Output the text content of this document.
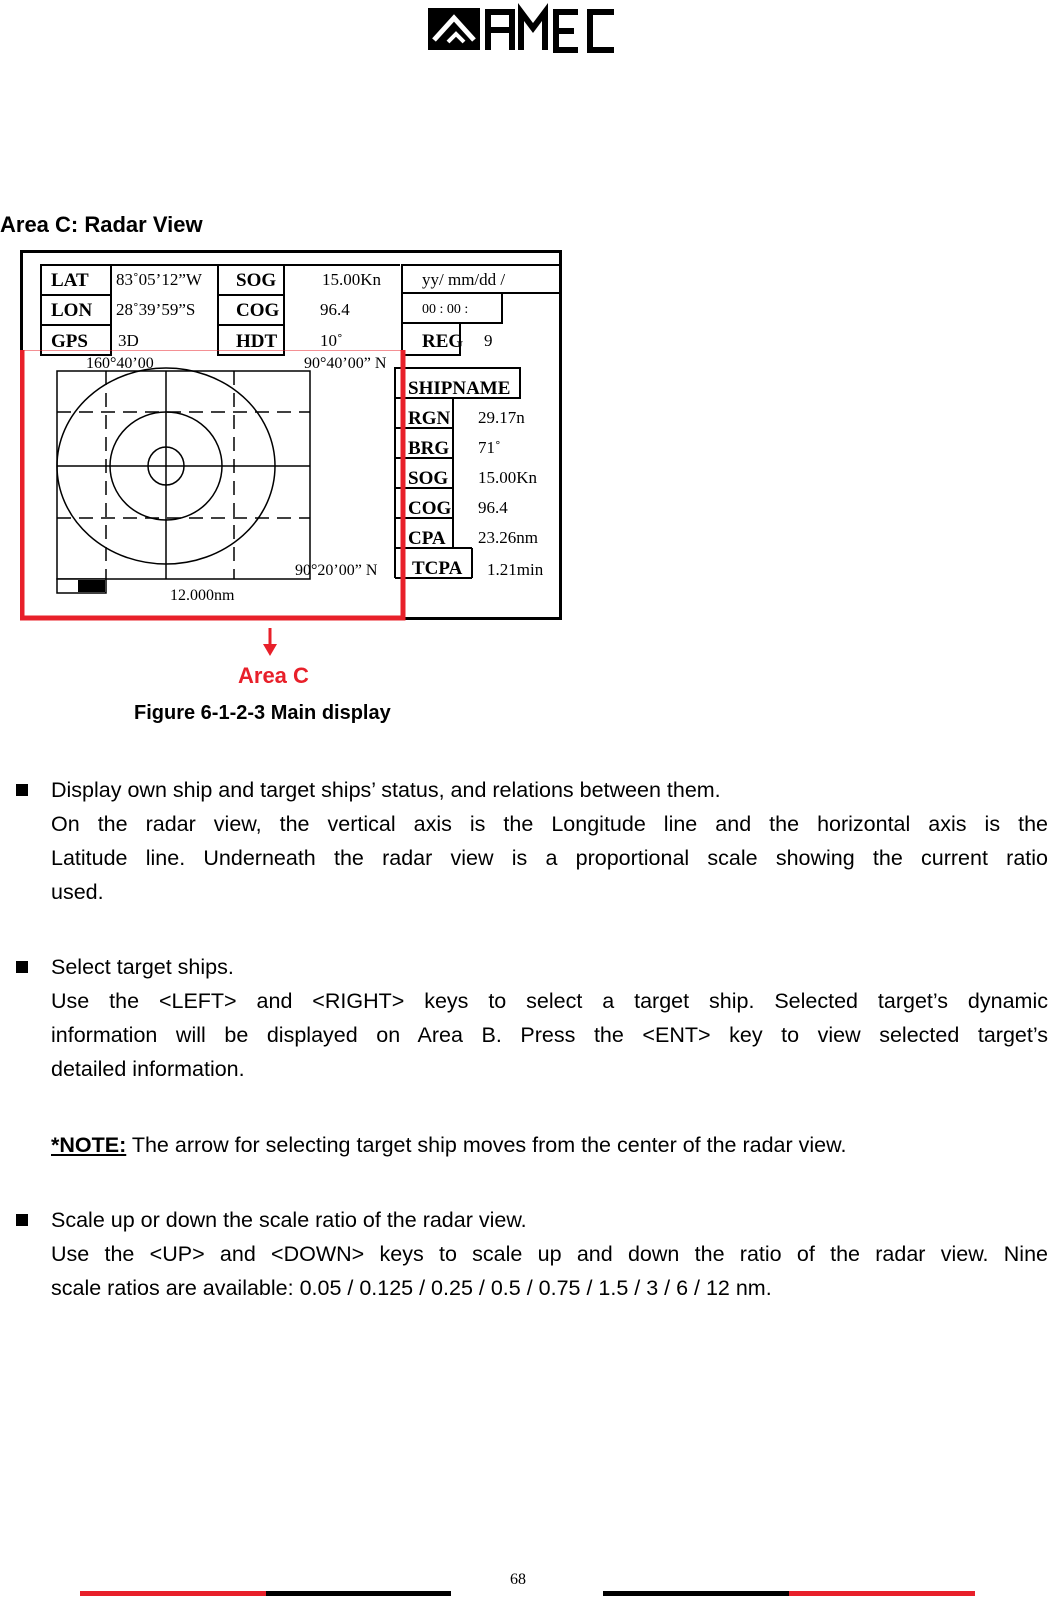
Area C: Radar View
LAT 83˚05’12”W SOG	15.00Kn yy/ mm/dd /
LON 28˚39’59”S COG 96.4	00 : 00 :
GPS 3D	HDT	10˚	REG 9
160°40’00	90°40’00” N
90°20’00” N
12.000nm
SHIPNAME
RGN 29.17n
BRG 71˚
SOG 15.00Kn
COG 96.4
CPA 23.26nm
TCPA 1.21min
Area C
Figure 6-1-2-3 Main display
Display own ship and target ships’ status, and relations between them.
On the radar view, the vertical axis is the Longitude line and the horizontal axis is the
Latitude line. Underneath the radar view is a proportional scale showing the current ratio
used.
Select target ships.
Use the <LEFT> and <RIGHT> keys to select a target ship. Selected target’s dynamic
information will be displayed on Area B. Press the <ENT> key to view selected target’s
detailed information.
*NOTE: The arrow for selecting target ship moves from the center of the radar view.
Scale up or down the scale ratio of the radar view.
Use the <UP> and <DOWN> keys to scale up and down the ratio of the radar view. Nine
scale ratios are available: 0.05 / 0.125 / 0.25 / 0.5 / 0.75 / 1.5 / 3 / 6 / 12 nm.
68
